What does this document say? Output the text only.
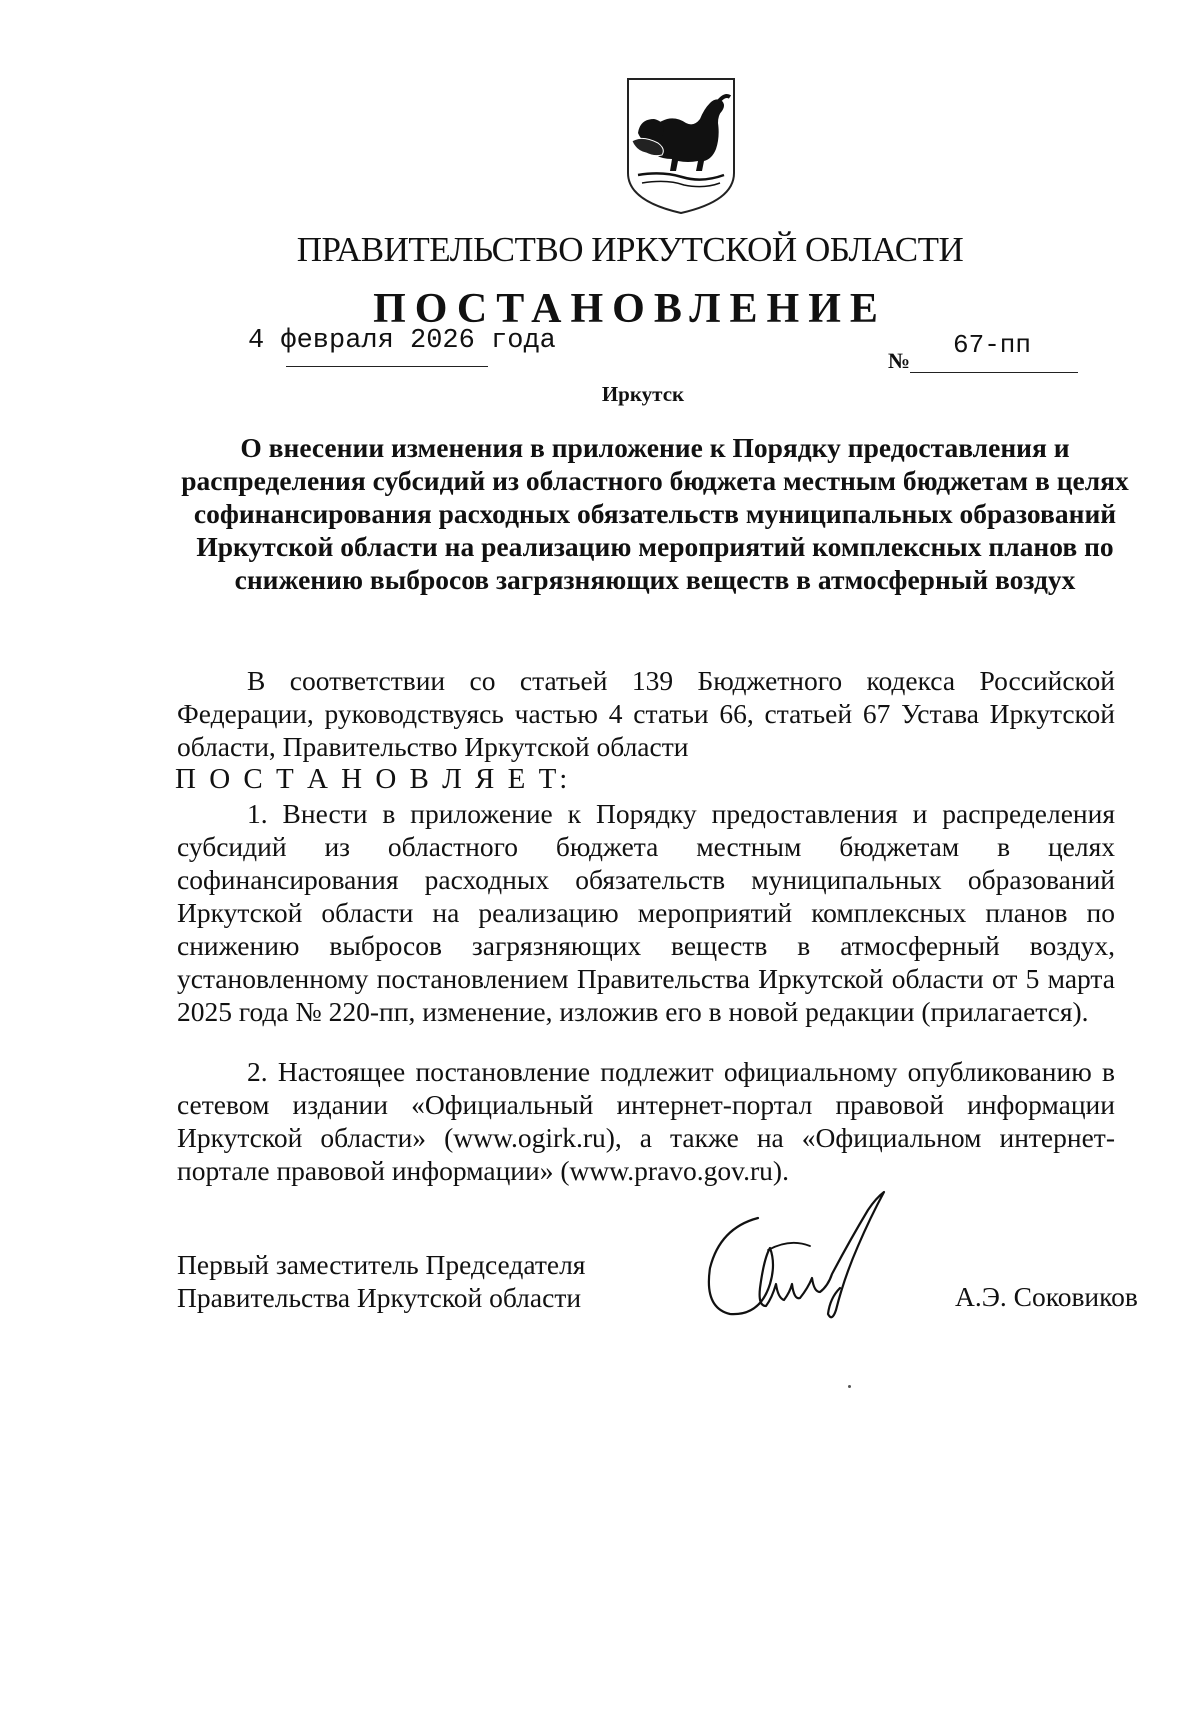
ПРАВИТЕЛЬСТВО ИРКУТСКОЙ ОБЛАСТИ
ПОСТАНОВЛЕНИЕ
4 февраля 2026 года
№
67-пп
Иркутск
О внесении изменения в приложение к Порядку предоставления и распределения субсидий из областного бюджета местным бюджетам в целях софинансирования расходных обязательств муниципальных образований Иркутской области на реализацию мероприятий комплексных планов по снижению выбросов загрязняющих веществ в атмосферный воздух
В соответствии со статьей 139 Бюджетного кодекса Российской Федерации, руководствуясь частью 4 статьи 66, статьей 67 Устава Иркутской области, Правительство Иркутской области
П О С Т А Н О В Л Я Е Т:
1. Внести в приложение к Порядку предоставления и распределения субсидий из областного бюджета местным бюджетам в целях софинансирования расходных обязательств муниципальных образований Иркутской области на реализацию мероприятий комплексных планов по снижению выбросов загрязняющих веществ в атмосферный воздух, установленному постановлением Правительства Иркутской области от 5 марта 2025 года № 220-пп, изменение, изложив его в новой редакции (прилагается).
2. Настоящее постановление подлежит официальному опубликованию в сетевом издании «Официальный интернет-портал правовой информации Иркутской области» (www.ogirk.ru), а также на «Официальном интернет-портале правовой информации» (www.pravo.gov.ru).
Первый заместитель Председателя
Правительства Иркутской области	А.Э. Соковиков
